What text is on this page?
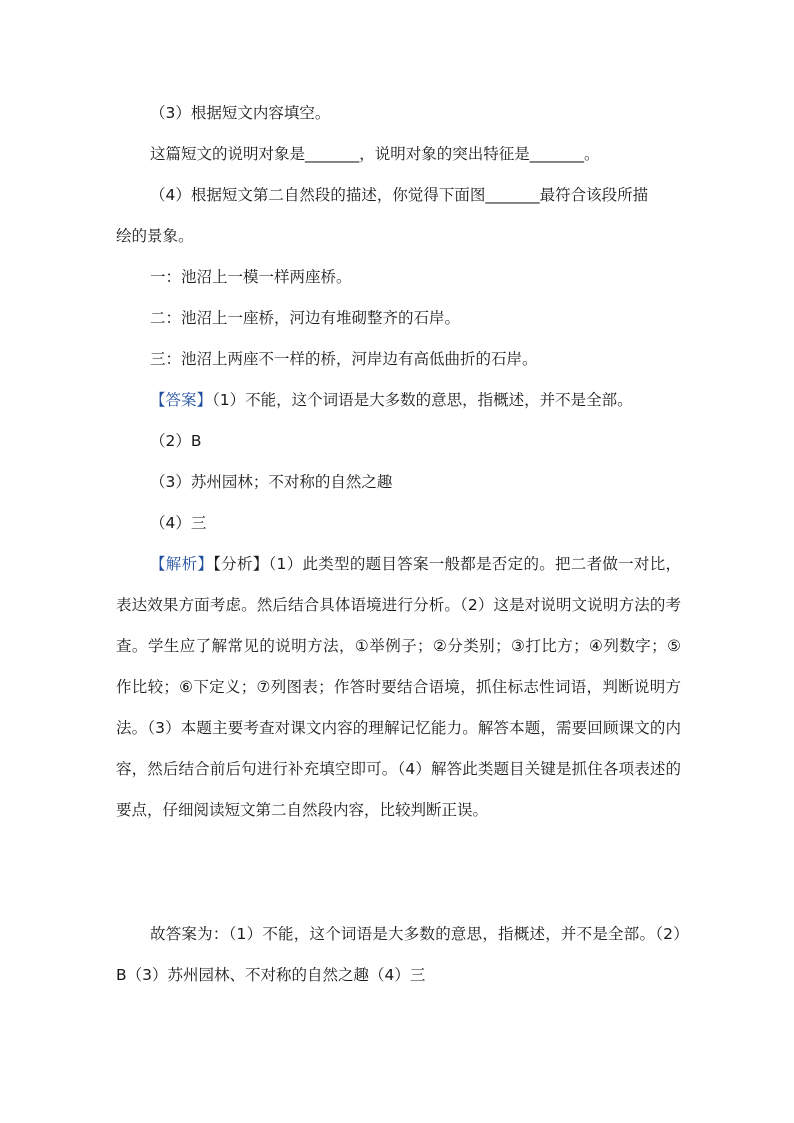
（3）根据短文内容填空。
这篇短文的说明对象是_______，说明对象的突出特征是_______。
（4）根据短文第二自然段的描述，你觉得下面图_______最符合该段所描
绘的景象。
一：池沼上一模一样两座桥。
二：池沼上一座桥，河边有堆砌整齐的石岸。
三：池沼上两座不一样的桥，河岸边有高低曲折的石岸。
【答案】（1）不能，这个词语是大多数的意思，指概述，并不是全部。
（2）B
（3）苏州园林；不对称的自然之趣
（4）三
【解析】【分析】（1）此类型的题目答案一般都是否定的。把二者做一对比，表达效果方面考虑。然后结合具体语境进行分析。（2）这是对说明文说明方法的考查。学生应了解常见的说明方法，①举例子；②分类别；③打比方；④列数字；⑤作比较；⑥下定义；⑦列图表；作答时要结合语境，抓住标志性词语，判断说明方法。（3）本题主要考查对课文内容的理解记忆能力。解答本题，需要回顾课文的内容，然后结合前后句进行补充填空即可。（4）解答此类题目关键是抓住各项表述的要点，仔细阅读短文第二自然段内容，比较判断正误。
故答案为：（1）不能，这个词语是大多数的意思，指概述，并不是全部。（2）B（3）苏州园林、不对称的自然之趣（4）三
